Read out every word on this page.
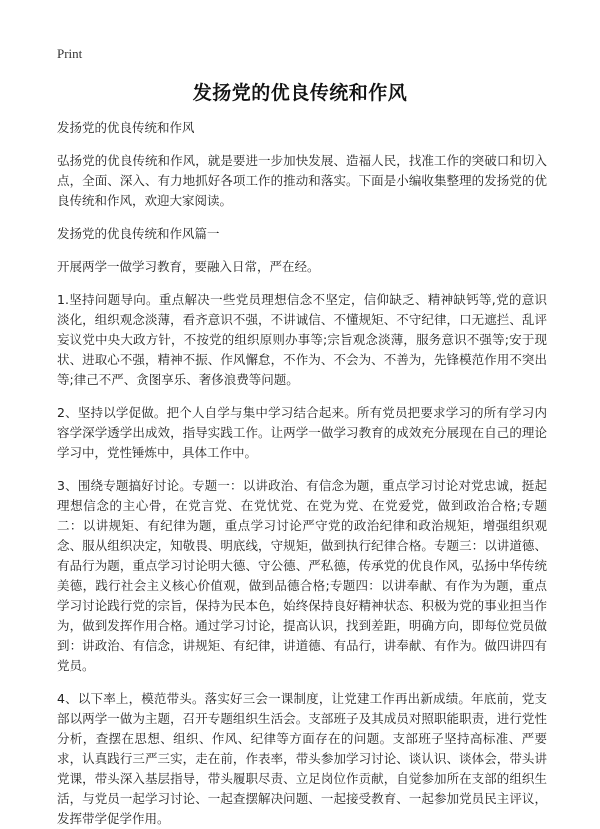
Print
发扬党的优良传统和作风

发扬党的优良传统和作风

弘扬党的优良传统和作风，就是要进一步加快发展、造福人民，找准工作的突破口和切入点，全面、深入、有力地抓好各项工作的推动和落实。下面是小编收集整理的发扬党的优良传统和作风，欢迎大家阅读。

发扬党的优良传统和作风篇一

开展两学一做学习教育，要融入日常，严在经。

1.坚持问题导向。重点解决一些党员理想信念不坚定，信仰缺乏、精神缺钙等,党的意识淡化，组织观念淡薄，看齐意识不强，不讲诚信、不懂规矩、不守纪律，口无遮拦、乱评妄议党中央大政方针，不按党的组织原则办事等;宗旨观念淡薄，服务意识不强等;安于现状、进取心不强，精神不振、作风懈怠，不作为、不会为、不善为，先锋模范作用不突出等;律己不严、贪图享乐、奢侈浪费等问题。

2、坚持以学促做。把个人自学与集中学习结合起来。所有党员把要求学习的所有学习内容学深学透学出成效，指导实践工作。让两学一做学习教育的成效充分展现在自己的理论学习中，党性锤炼中，具体工作中。

3、围绕专题搞好讨论。专题一：以讲政治、有信念为题，重点学习讨论对党忠诚，挺起理想信念的主心骨，在党言党、在党忧党、在党为党、在党爱党，做到政治合格;专题二：以讲规矩、有纪律为题，重点学习讨论严守党的政治纪律和政治规矩，增强组织观念、服从组织决定，知敬畏、明底线，守规矩，做到执行纪律合格。专题三：以讲道德、有品行为题，重点学习讨论明大德、守公德、严私德，传承党的优良作风，弘扬中华传统美德，践行社会主义核心价值观，做到品德合格;专题四：以讲奉献、有作为为题，重点学习讨论践行党的宗旨，保持为民本色，始终保持良好精神状态、积极为党的事业担当作为，做到发挥作用合格。通过学习讨论，提高认识，找到差距，明确方向，即每位党员做到：讲政治、有信念，讲规矩、有纪律，讲道德、有品行，讲奉献、有作为。做四讲四有党员。

4、以下率上，模范带头。落实好三会一课制度，让党建工作再出新成绩。年底前，党支部以两学一做为主题，召开专题组织生活会。支部班子及其成员对照职能职责，进行党性分析，查摆在思想、组织、作风、纪律等方面存在的问题。支部班子坚持高标准、严要求，认真践行三严三实，走在前，作表率，带头参加学习讨论、谈认识、谈体会，带头讲党课，带头深入基层指导，带头履职尽责、立足岗位作贡献，自觉参加所在支部的组织生活，与党员一起学习讨论、一起查摆解决问题、一起接受教育、一起参加党员民主评议，发挥带学促学作用。
